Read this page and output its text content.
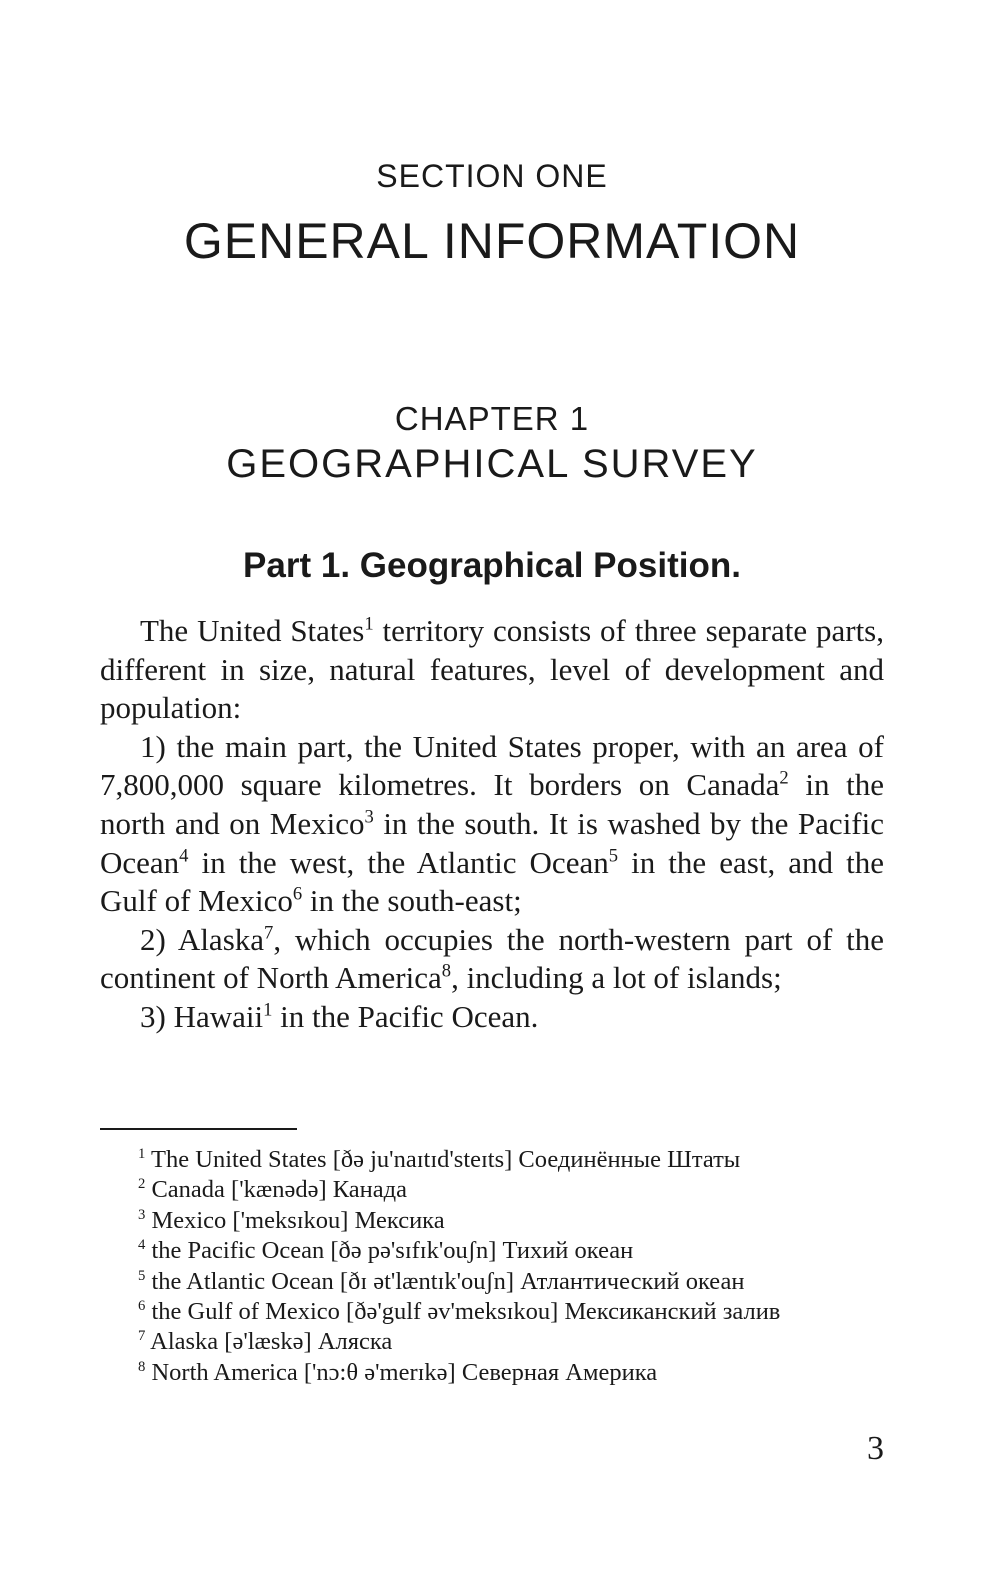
SECTION ONE
GENERAL INFORMATION
CHAPTER 1
GEOGRAPHICAL SURVEY
Part 1. Geographical Position.

The United States$^1$ territory consists of three separate parts, different in size, natural features, level of development and population:

1) the main part, the United States proper, with an area of 7,800,000 square kilometres. It borders on Canada$^2$ in the north and on Mexico$^3$ in the south. It is washed by the Pacific Ocean$^4$ in the west, the Atlantic Ocean$^5$ in the east, and the Gulf of Mexico$^6$ in the south-east;

2) Alaska$^7$, which occupies the north-western part of the continent of North America$^8$, including a lot of islands;

3) Hawaii$^1$ in the Pacific Ocean.

$^1$ The United States [ðə ju'naɪtɪd'steɪts] Соединённые Штаты

$^2$ Canada ['kænədə] Канада

$^3$ Mexico ['meksɪkou] Мексика

$^4$ the Pacific Ocean [ðə pə'sɪfɪk'ouʃn] Тихий океан

$^5$ the Atlantic Ocean [ðɪ ət'læntɪk'ouʃn] Атлантический океан

$^6$ the Gulf of Mexico [ðə'gulf əv'meksɪkou] Мексиканский залив

$^7$ Alaska [ə'læskə] Аляска

$^8$ North America ['nɔ:θ ə'merɪkə] Северная Америка

3
